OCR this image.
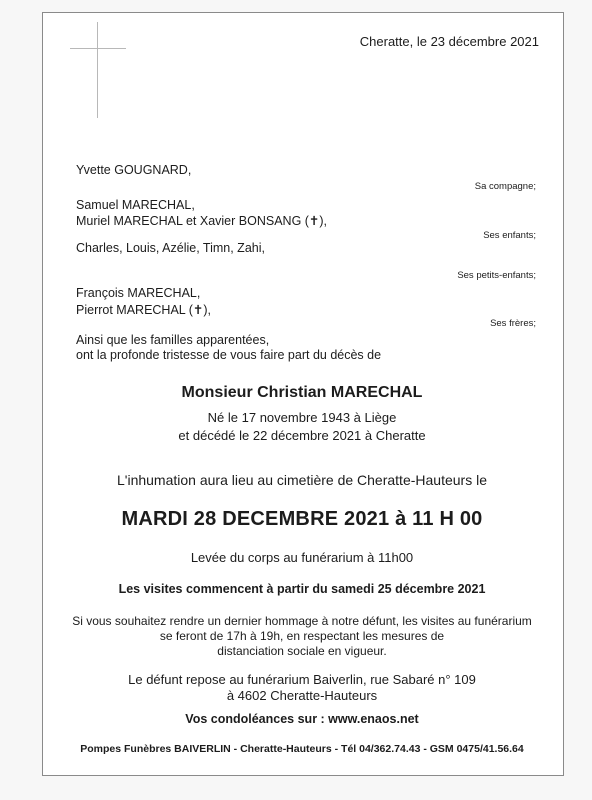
Cheratte, le 23 décembre 2021
Yvette GOUGNARD,
Sa compagne;
Samuel MARECHAL,
Muriel MARECHAL et Xavier BONSANG (✝),
Ses enfants;
Charles, Louis, Azélie, Timn, Zahi,
Ses petits-enfants;
François MARECHAL,
Pierrot MARECHAL (✝),
Ses frères;
Ainsi que les familles apparentées,
ont la profonde tristesse de vous faire part du décès de
Monsieur Christian MARECHAL
Né le 17 novembre 1943 à Liège
et décédé le 22 décembre 2021 à Cheratte
L'inhumation aura lieu au cimetière de Cheratte-Hauteurs le
MARDI 28 DECEMBRE 2021 à 11 H 00
Levée du corps au funérarium à 11h00
Les visites commencent à partir du samedi 25 décembre 2021
Si vous souhaitez rendre un dernier hommage à notre défunt, les visites au funérarium
se feront de 17h à 19h, en respectant les mesures de
distanciation sociale en vigueur.
Le défunt repose au funérarium Baiverlin, rue Sabaré n° 109
à 4602 Cheratte-Hauteurs
Vos condoléances sur : www.enaos.net
Pompes Funèbres BAIVERLIN - Cheratte-Hauteurs - Tél 04/362.74.43 - GSM 0475/41.56.64
